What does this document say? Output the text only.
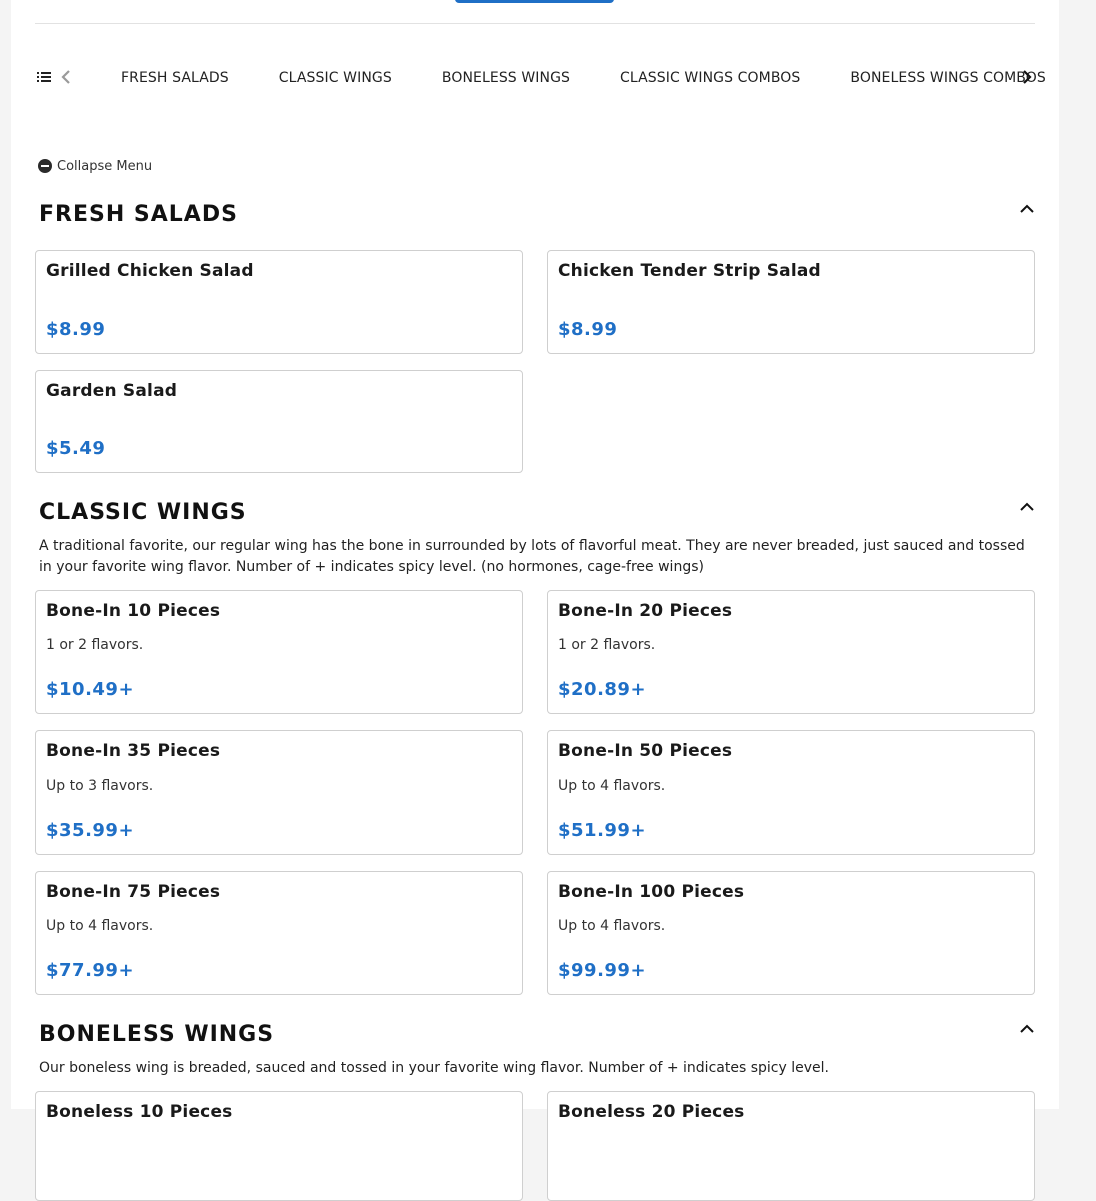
FRESH SALADS	CLASSIC WINGS	BONELESS WINGS	CLASSIC WINGS COMBOS	BONELESS WINGS COMBOS
Collapse Menu
FRESH SALADS
Grilled Chicken Salad
$8.99
Chicken Tender Strip Salad
$8.99
Garden Salad
$5.49
CLASSIC WINGS
A traditional favorite, our regular wing has the bone in surrounded by lots of flavorful meat. They are never breaded, just sauced and tossed in your favorite wing flavor. Number of + indicates spicy level. (no hormones, cage-free wings)
Bone-In 10 Pieces
1 or 2 flavors.
$10.49+
Bone-In 20 Pieces
1 or 2 flavors.
$20.89+
Bone-In 35 Pieces
Up to 3 flavors.
$35.99+
Bone-In 50 Pieces
Up to 4 flavors.
$51.99+
Bone-In 75 Pieces
Up to 4 flavors.
$77.99+
Bone-In 100 Pieces
Up to 4 flavors.
$99.99+
BONELESS WINGS
Our boneless wing is breaded, sauced and tossed in your favorite wing flavor. Number of + indicates spicy level.
Boneless 10 Pieces	Boneless 20 Pieces
